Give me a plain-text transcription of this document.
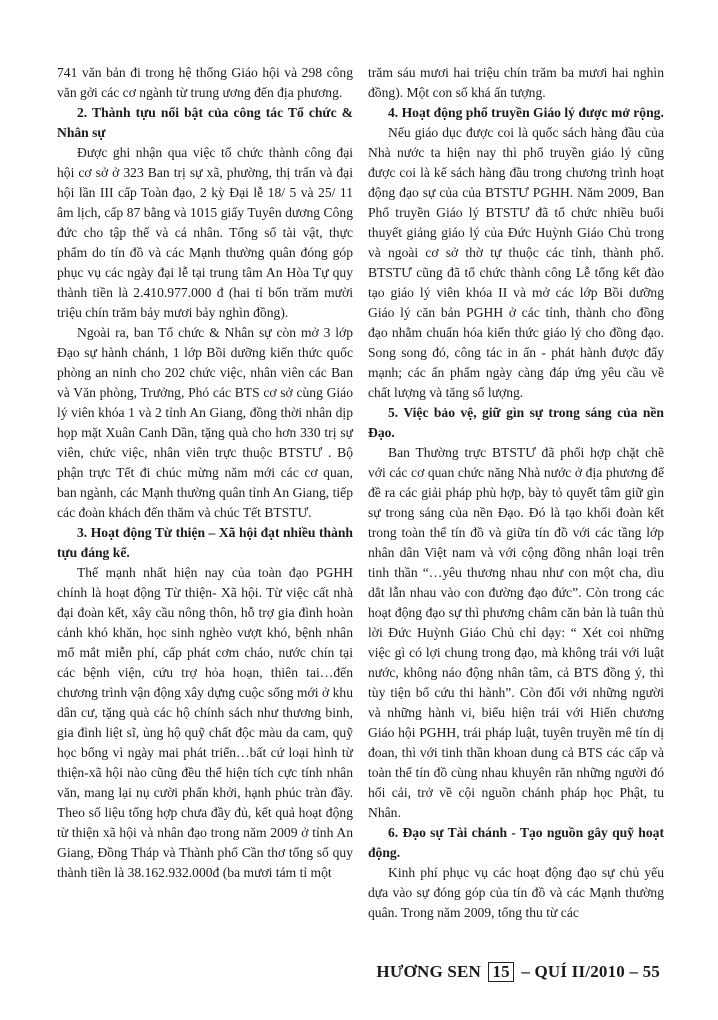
741 văn bản đi trong hệ thống Giáo hội và 298 công văn gởi các cơ ngành từ trung ương đến địa phương.

2. Thành tựu nổi bật của công tác Tổ chức & Nhân sự

Được ghi nhận qua việc tổ chức thành công đại hội cơ sở ở 323 Ban trị sự xã, phường, thị trấn và đại hội lần III cấp Toàn đạo, 2 kỳ Đại lễ 18/ 5 và 25/ 11 âm lịch, cấp 87 bằng và 1015 giấy Tuyên dương Công đức cho tập thể và cá nhân. Tổng số tài vật, thực phẩm do tín đồ và các Mạnh thường quân đóng góp phục vụ các ngày đại lễ tại trung tâm An Hòa Tự quy thành tiền là 2.410.977.000 đ (hai tỉ bốn trăm mười triệu chín trăm bảy mươi bảy nghìn đồng).

Ngoài ra, ban Tổ chức & Nhân sự còn mở 3 lớp Đạo sự hành chánh, 1 lớp Bồi dưỡng kiến thức quốc phòng an ninh cho 202 chức việc, nhân viên các Ban và Văn phòng, Trưởng, Phó các BTS cơ sở cùng Giáo lý viên khóa 1 và 2 tỉnh An Giang, đồng thời nhân dịp họp mặt Xuân Canh Dần, tặng quà cho hơn 330 trị sự viên, chức việc, nhân viên trực thuộc BTSTƯ . Bộ phận trực Tết đi chúc mừng năm mới các cơ quan, ban ngành, các Mạnh thường quân tỉnh An Giang, tiếp các đoàn khách đến thăm và chúc Tết BTSTƯ.

3. Hoạt động Từ thiện – Xã hội đạt nhiều thành tựu đáng kể.

Thế mạnh nhất hiện nay của toàn đạo PGHH chính là hoạt động Từ thiện- Xã hội. Từ việc cất nhà đại đoàn kết, xây cầu nông thôn, hỗ trợ gia đình hoàn cảnh khó khăn, học sinh nghèo vượt khó, bệnh nhân mổ mắt miễn phí, cấp phát cơm cháo, nước chín tại các bệnh viện, cứu trợ hỏa hoạn, thiên tai…đến chương trình vận động xây dựng cuộc sống mới ở khu dân cư, tặng quà các hộ chính sách như thương binh, gia đình liệt sĩ, ủng hộ quỹ chất độc màu da cam, quỹ học bổng vì ngày mai phát triển…bất cứ loại hình từ thiện-xã hội nào cũng đều thể hiện tích cực tính nhân văn, mang lại nụ cười phấn khởi, hạnh phúc tràn đầy. Theo số liệu tổng hợp chưa đầy đủ, kết quả hoạt động từ thiện xã hội và nhân đạo trong năm 2009 ở tỉnh An Giang, Đồng Tháp và Thành phố Cần thơ tổng số quy thành tiền là 38.162.932.000đ (ba mươi tám tỉ một

trăm sáu mươi hai triệu chín trăm ba mươi hai nghìn đồng). Một con số khá ấn tượng.

4. Hoạt động phổ truyền Giáo lý được mở rộng.

Nếu giáo dục được coi là quốc sách hàng đầu của Nhà nước ta hiện nay thì phổ truyền giáo lý cũng được coi là kế sách hàng đầu trong chương trình hoạt động đạo sự của của BTSTƯ PGHH. Năm 2009, Ban Phổ truyền Giáo lý BTSTƯ đã tổ chức nhiều buổi thuyết giảng giáo lý của Đức Huỳnh Giáo Chủ trong và ngoài cơ sở thờ tự thuộc các tỉnh, thành phố. BTSTƯ cũng đã tổ chức thành công Lễ tổng kết đào tạo giáo lý viên khóa II và mở các lớp Bồi dưỡng Giáo lý căn bản PGHH ở các tỉnh, thành cho đồng đạo nhằm chuẩn hóa kiến thức giáo lý cho đồng đạo. Song song đó, công tác in ấn - phát hành được đẩy mạnh; các ấn phẩm ngày càng đáp ứng yêu cầu về chất lượng và tăng số lượng.

5. Việc bảo vệ, giữ gìn sự trong sáng của nền Đạo.

Ban Thường trực BTSTƯ đã phối hợp chặt chẽ với các cơ quan chức năng Nhà nước ở địa phương để đề ra các giải pháp phù hợp, bày tỏ quyết tâm giữ gìn sự trong sáng của nền Đạo. Đó là tạo khối đoàn kết trong toàn thể tín đồ và giữa tín đồ với các tầng lớp nhân dân Việt nam và với cộng đồng nhân loại trên tinh thần “…yêu thương nhau như con một cha, dìu dắt lẫn nhau vào con đường đạo đức”. Còn trong các hoạt động đạo sự thì phương châm căn bản là tuân thủ lời Đức Huỳnh Giáo Chủ chỉ dạy: “ Xét coi những việc gì có lợi chung trong đạo, mà không trái với luật nước, không náo động nhân tâm, cả BTS đồng ý, thì tùy tiện bổ cứu thi hành”. Còn đối với những người và những hành vi, biểu hiện trái với Hiến chương Giáo hội PGHH, trái pháp luật, tuyên truyền mê tín dị đoan, thì với tinh thần khoan dung cả BTS các cấp và toàn thể tín đồ cùng nhau khuyên răn những người đó hối cải, trở về cội nguồn chánh pháp học Phật, tu Nhân.

6. Đạo sự Tài chánh - Tạo nguồn gây quỹ hoạt động.

Kinh phí phục vụ các hoạt động đạo sự chủ yếu dựa vào sự đóng góp của tín đồ và các Mạnh thường quân. Trong năm 2009, tổng thu từ các

HƯƠNG SEN 15 – QUÍ II/2010 – 55
